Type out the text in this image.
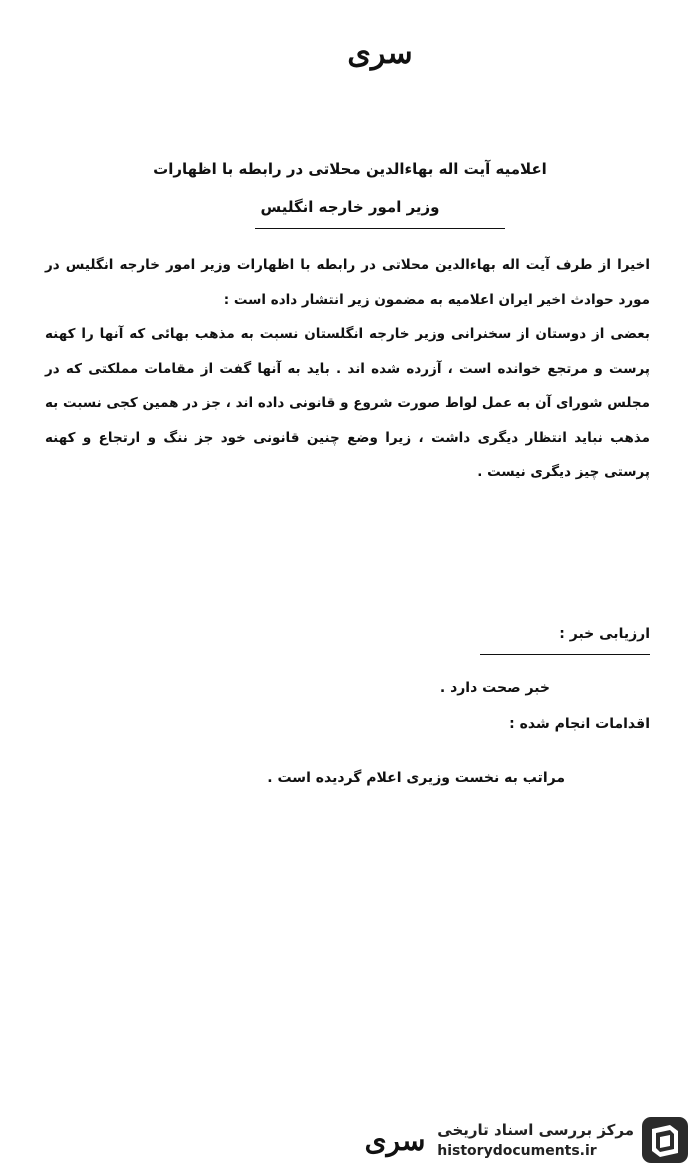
سری
اعلامیه آیت اله بهاءالدین محلاتی در رابطه با اظهارات
وزیر امور خارجه انگلیس

اخیرا از طرف آیت اله بهاءالدین محلاتی در رابطه با اظهارات وزیر امور خارجه انگلیس در مورد حوادث اخیر ایران اعلامیه به مضمون زیر انتشار داده است :

بعضی از دوستان از سخنرانی وزیر خارجه انگلستان نسبت به مذهب بهائی که آنها را کهنه پرست و مرتجع خوانده است ، آزرده شده اند . باید به آنها گفت از مقامات مملکتی که در مجلس شورای آن به عمل لواط صورت شروع و قانونی داده اند ، جز در همین کجی نسبت به مذهب نباید انتظار دیگری داشت ، زیرا وضع چنین قانونی خود جز ننگ و ارتجاع و کهنه پرستی چیز دیگری نیست .

ارزیابی خبر :
خبر صحت دارد .
اقدامات انجام شده :
مراتب به نخست وزیری اعلام گردیده است .
سری مرکز بررسی اسناد تاریخی
historydocuments.ir
